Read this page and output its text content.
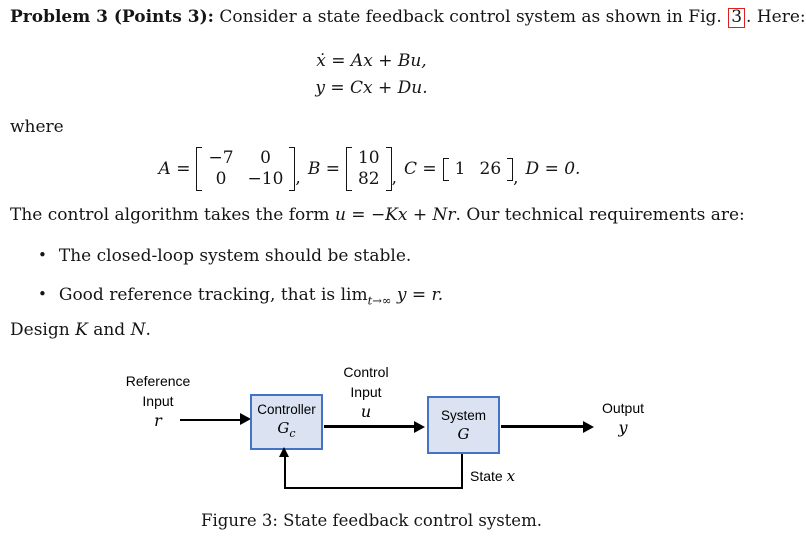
Problem 3 (Points 3): Consider a state feedback control system as shown in Fig. 3 . Here:
ẋ = Ax + Bu,
y = Cx + Du.
where
A =
−7 0
0 −10 , B =
10
82 , C = 1 26 , D = 0.
The control algorithm takes the form u = −Kx + Nr. Our technical requirements are:
• The closed-loop system should be stable.
• Good reference tracking, that is $\lim_{t\to\infty} y = r$.
Design K and N.
Reference
Input
r
Controller
$G_c$
Control
Input
u	System
G
Output
y
State x
Figure 3: State feedback control system.
